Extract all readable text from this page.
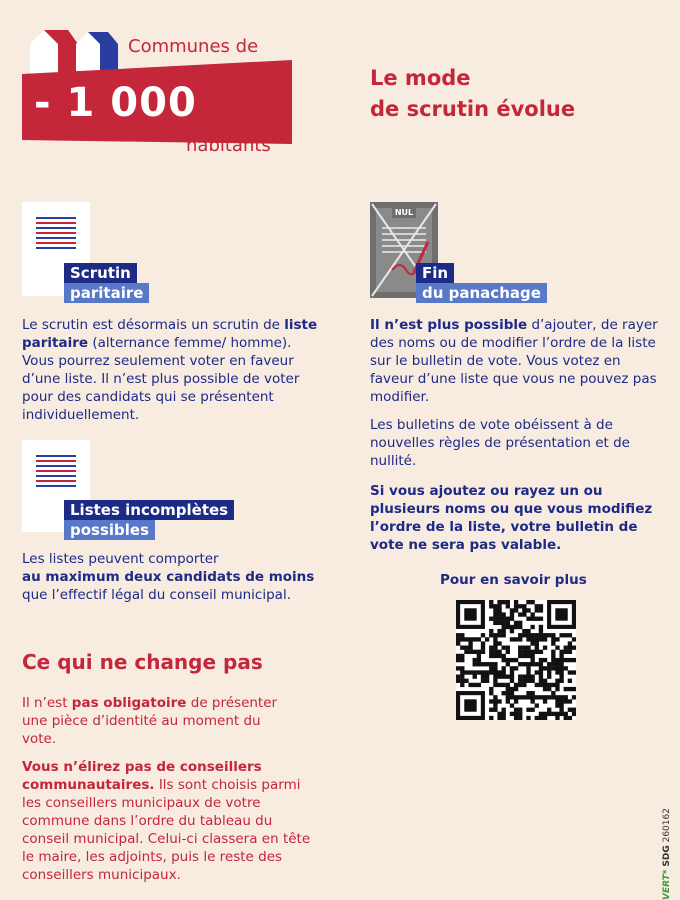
Communes de
- 1 000
habitants
Le mode
de scrutin évolue
Scrutin
paritaire
Le scrutin est désormais un scrutin de liste paritaire (alternance femme/ homme). Vous pourrez seulement voter en faveur d’une liste. Il n’est plus possible de voter pour des candidats qui se présentent individuellement.
Listes incomplètes
possibles
Les listes peuvent comporter
au maximum deux candidats de moins
que l’effectif légal du conseil municipal.
Ce qui ne change pas
Il n’est pas obligatoire de présenter une pièce d’identité au moment du vote.
Vous n’élirez pas de conseillers communautaires. Ils sont choisis parmi les conseillers municipaux de votre commune dans l’ordre du tableau du conseil municipal. Celui-ci classera en tête le maire, les adjoints, puis le reste des conseillers municipaux.
NUL
Fin
du panachage
Il n’est plus possible d’ajouter, de rayer des noms ou de modifier l’ordre de la liste sur le bulletin de vote. Vous votez en faveur d’une liste que vous ne pouvez pas modifier.
Les bulletins de vote obéissent à de nouvelles règles de présentation et de nullité.
Si vous ajoutez ou rayez un ou plusieurs noms ou que vous modifiez l’ordre de la liste, votre bulletin de vote ne sera pas valable.
Pour en savoir plus
VERT* SDG 260162
